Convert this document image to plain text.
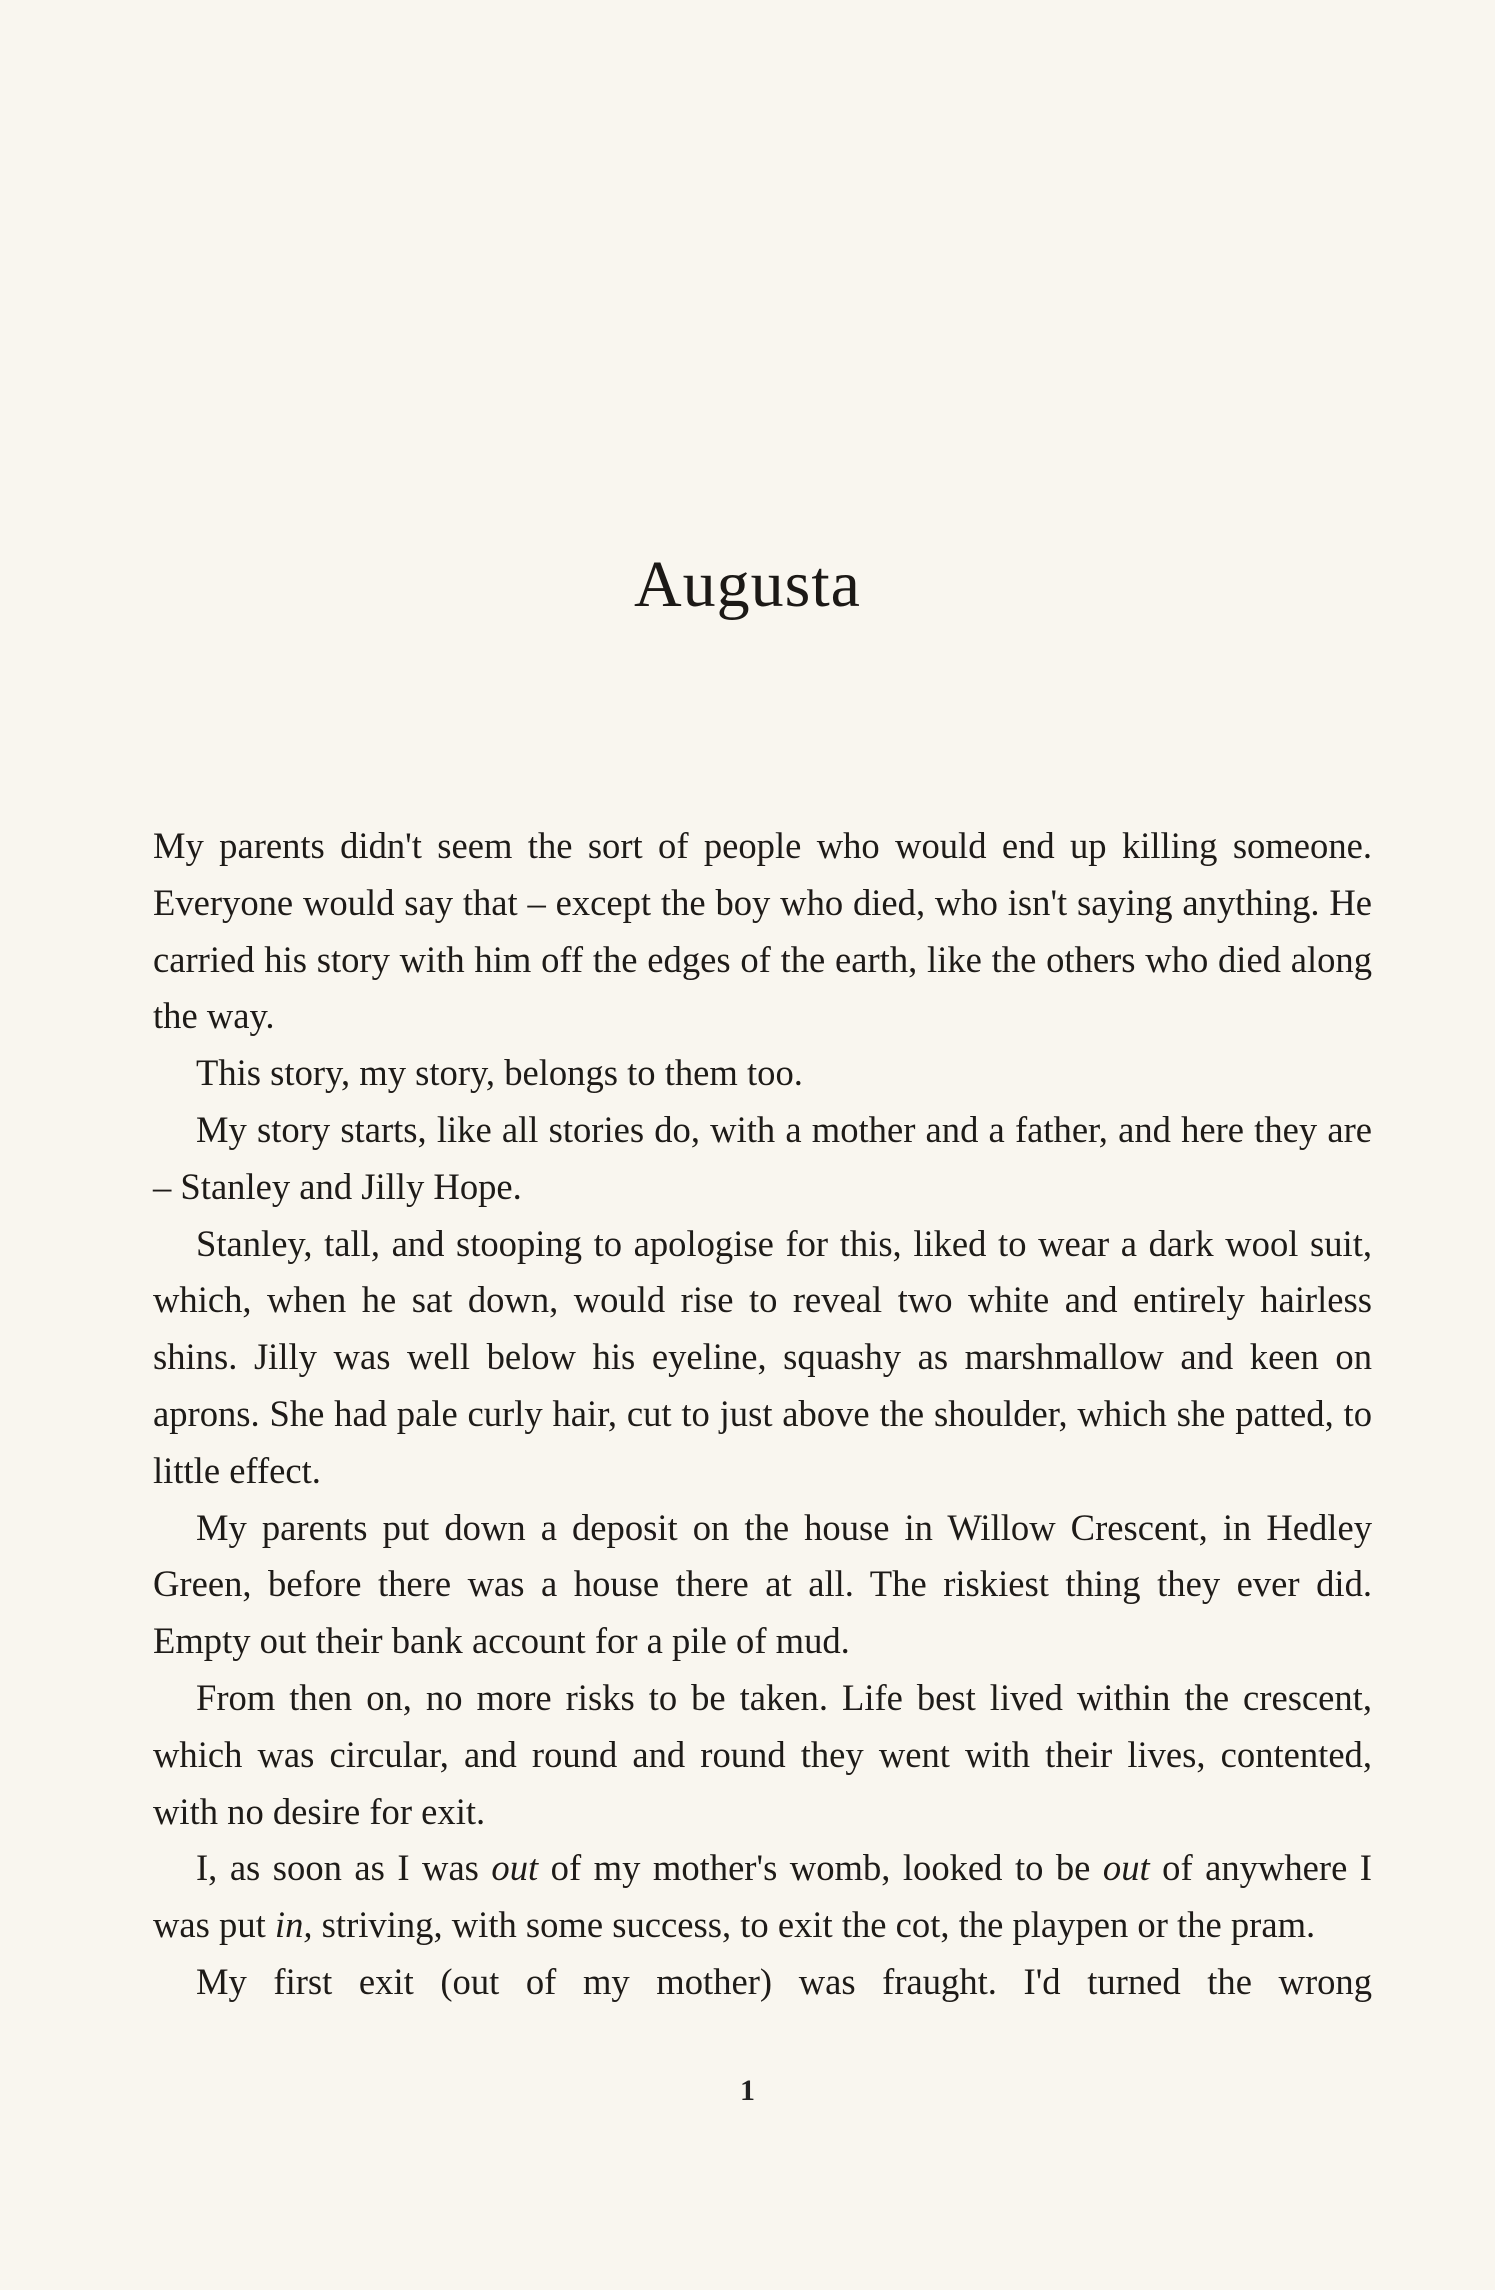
Augusta

My parents didn't seem the sort of people who would end up killing someone. Everyone would say that – except the boy who died, who isn't saying anything. He carried his story with him off the edges of the earth, like the others who died along the way.

This story, my story, belongs to them too.

My story starts, like all stories do, with a mother and a father, and here they are – Stanley and Jilly Hope.

Stanley, tall, and stooping to apologise for this, liked to wear a dark wool suit, which, when he sat down, would rise to reveal two white and entirely hairless shins. Jilly was well below his eyeline, squashy as marshmallow and keen on aprons. She had pale curly hair, cut to just above the shoulder, which she patted, to little effect.

My parents put down a deposit on the house in Willow Crescent, in Hedley Green, before there was a house there at all. The riskiest thing they ever did. Empty out their bank account for a pile of mud.

From then on, no more risks to be taken. Life best lived within the crescent, which was circular, and round and round they went with their lives, contented, with no desire for exit.

I, as soon as I was out of my mother's womb, looked to be out of anywhere I was put in, striving, with some success, to exit the cot, the playpen or the pram.

My first exit (out of my mother) was fraught. I'd turned the wrong

1
